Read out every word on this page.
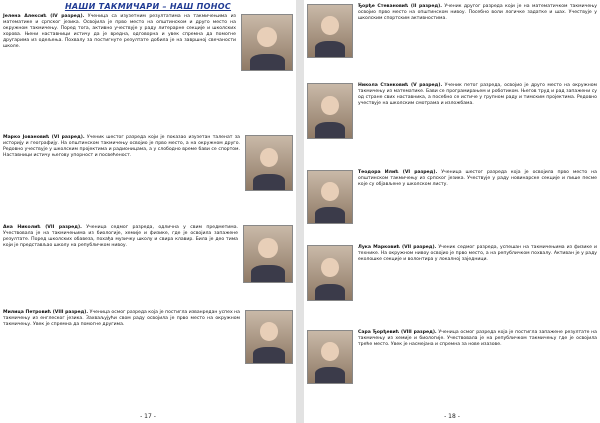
НАШИ ТАКМИЧАРИ – НАШ ПОНОС
Јелена Алексић (IV разред). Ученица са изузетним резултатима на такмичењима из математике и српског језика. Освојила је прво место на општинском и друго место на окружном такмичењу. Поред тога, активно учествује у раду литерарне секције и школских хорова. Њени наставници истичу да је вредна, одговорна и увек спремна да помогне другарима из одељења. Похвалу за постигнуте резултате добила је на завршној свечаности школе.
Марко Јовановић (VI разред). Ученик шестог разреда који је показао изузетан таленат за историју и географију. На општинском такмичењу освојио је прво место, а на окружном друго. Редовно учествује у школским пројектима и радионицама, а у слободно време бави се спортом. Наставници истичу његову упорност и посвећеност.
Ана Николић (VII разред). Ученица седмог разреда, одлична у свим предметима. Учествовала је на такмичењима из биологије, хемије и физике, где је освојила запажене резултате. Поред школских обавеза, похађа музичку школу и свира клавир. Била је део тима који је представљао школу на републичком нивоу.
Милица Петровић (VIII разред). Ученица осмог разреда која је постигла изванредан успех на такмичењу из енглеског језика. Захваљујући свом раду освојила је прво место на окружном такмичењу. Увек је спремна да помогне другима.
- 17 -
Ђорђе Стевановић (II разред). Ученик другог разреда који је на математичком такмичењу освојио прво место на општинском нивоу. Посебно воли логичке задатке и шах. Учествује у школским спортским активностима.
Никола Станковић (V разред). Ученик петог разреда, освојио је друго место на окружном такмичењу из математике. Бави се програмирањем и роботиком. Његов труд и рад запажени су од стране свих наставника, а посебно се истиче у групном раду и тимским пројектима. Редовно учествује на школским смотрама и изложбама.
Теодора Илић (VI разред). Ученица шестог разреда која је освојила прво место на општинском такмичењу из српског језика. Учествује у раду новинарске секције и пише песме које су објављене у школском листу.
Лука Марковић (VII разред). Ученик седмог разреда, успешан на такмичењима из физике и технике. На окружном нивоу освојио је прво место, а на републичком похвалу. Активан је у раду еколошке секције и волонтира у локалној заједници.
Сара Ђорђевић (VIII разред). Ученица осмог разреда која је постигла запажене резултате на такмичењу из хемије и биологије. Учествовала је на републичком такмичењу где је освојила треће место. Увек је насмејана и спремна за нове изазове.
- 18 -
